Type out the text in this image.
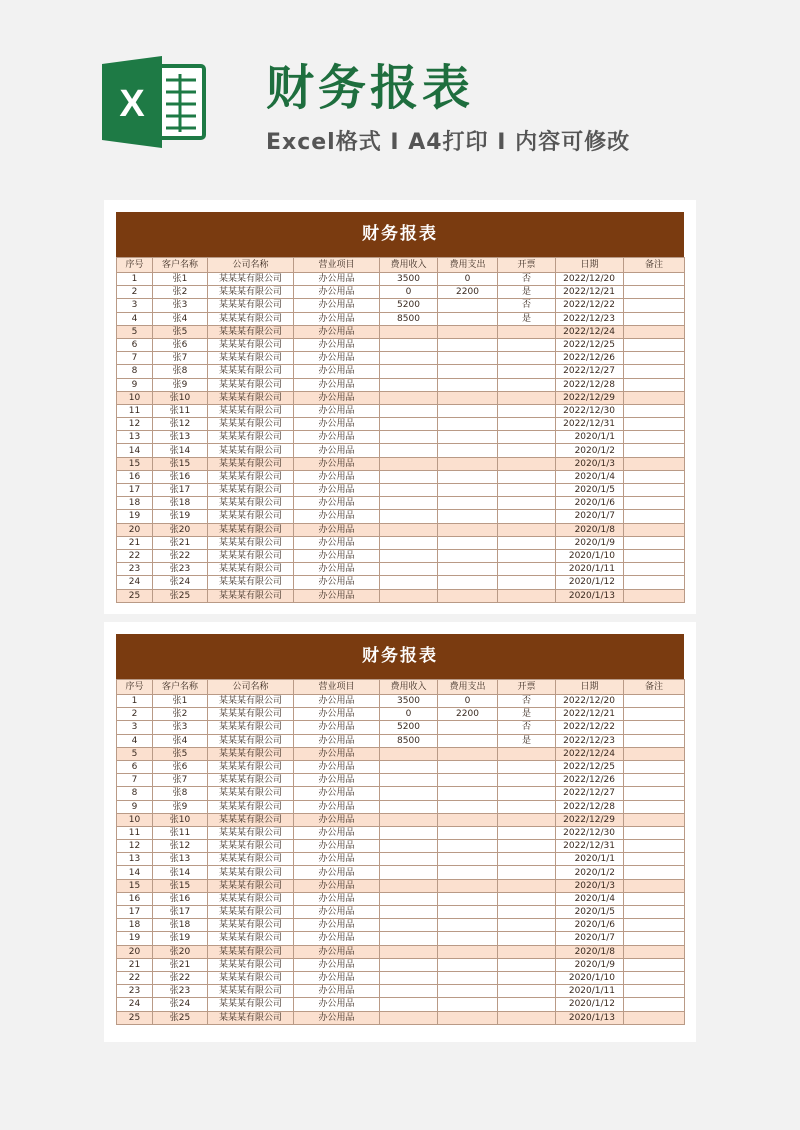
X	财务报表
Excel格式 I A4打印 I 内容可修改
财务报表
序号	客户名称	公司名称	营业项目	费用收入	费用支出	开票	日期	备注
1	张1	某某某有限公司	办公用品	3500	0	否	2022/12/20	
2	张2	某某某有限公司	办公用品	0	2200	是	2022/12/21	
3	张3	某某某有限公司	办公用品	5200		否	2022/12/22	
4	张4	某某某有限公司	办公用品	8500		是	2022/12/23	
5	张5	某某某有限公司	办公用品				2022/12/24	
6	张6	某某某有限公司	办公用品				2022/12/25	
7	张7	某某某有限公司	办公用品				2022/12/26	
8	张8	某某某有限公司	办公用品				2022/12/27	
9	张9	某某某有限公司	办公用品				2022/12/28	
10	张10	某某某有限公司	办公用品				2022/12/29	
11	张11	某某某有限公司	办公用品				2022/12/30	
12	张12	某某某有限公司	办公用品				2022/12/31	
13	张13	某某某有限公司	办公用品				2020/1/1	
14	张14	某某某有限公司	办公用品				2020/1/2	
15	张15	某某某有限公司	办公用品				2020/1/3	
16	张16	某某某有限公司	办公用品				2020/1/4	
17	张17	某某某有限公司	办公用品				2020/1/5	
18	张18	某某某有限公司	办公用品				2020/1/6	
19	张19	某某某有限公司	办公用品				2020/1/7	
20	张20	某某某有限公司	办公用品				2020/1/8	
21	张21	某某某有限公司	办公用品				2020/1/9	
22	张22	某某某有限公司	办公用品				2020/1/10	
23	张23	某某某有限公司	办公用品				2020/1/11	
24	张24	某某某有限公司	办公用品				2020/1/12	
25	张25	某某某有限公司	办公用品				2020/1/13	
财务报表
序号	客户名称	公司名称	营业项目	费用收入	费用支出	开票	日期	备注
1	张1	某某某有限公司	办公用品	3500	0	否	2022/12/20	
2	张2	某某某有限公司	办公用品	0	2200	是	2022/12/21	
3	张3	某某某有限公司	办公用品	5200		否	2022/12/22	
4	张4	某某某有限公司	办公用品	8500		是	2022/12/23	
5	张5	某某某有限公司	办公用品				2022/12/24	
6	张6	某某某有限公司	办公用品				2022/12/25	
7	张7	某某某有限公司	办公用品				2022/12/26	
8	张8	某某某有限公司	办公用品				2022/12/27	
9	张9	某某某有限公司	办公用品				2022/12/28	
10	张10	某某某有限公司	办公用品				2022/12/29	
11	张11	某某某有限公司	办公用品				2022/12/30	
12	张12	某某某有限公司	办公用品				2022/12/31	
13	张13	某某某有限公司	办公用品				2020/1/1	
14	张14	某某某有限公司	办公用品				2020/1/2	
15	张15	某某某有限公司	办公用品				2020/1/3	
16	张16	某某某有限公司	办公用品				2020/1/4	
17	张17	某某某有限公司	办公用品				2020/1/5	
18	张18	某某某有限公司	办公用品				2020/1/6	
19	张19	某某某有限公司	办公用品				2020/1/7	
20	张20	某某某有限公司	办公用品				2020/1/8	
21	张21	某某某有限公司	办公用品				2020/1/9	
22	张22	某某某有限公司	办公用品				2020/1/10	
23	张23	某某某有限公司	办公用品				2020/1/11	
24	张24	某某某有限公司	办公用品				2020/1/12	
25	张25	某某某有限公司	办公用品				2020/1/13	
